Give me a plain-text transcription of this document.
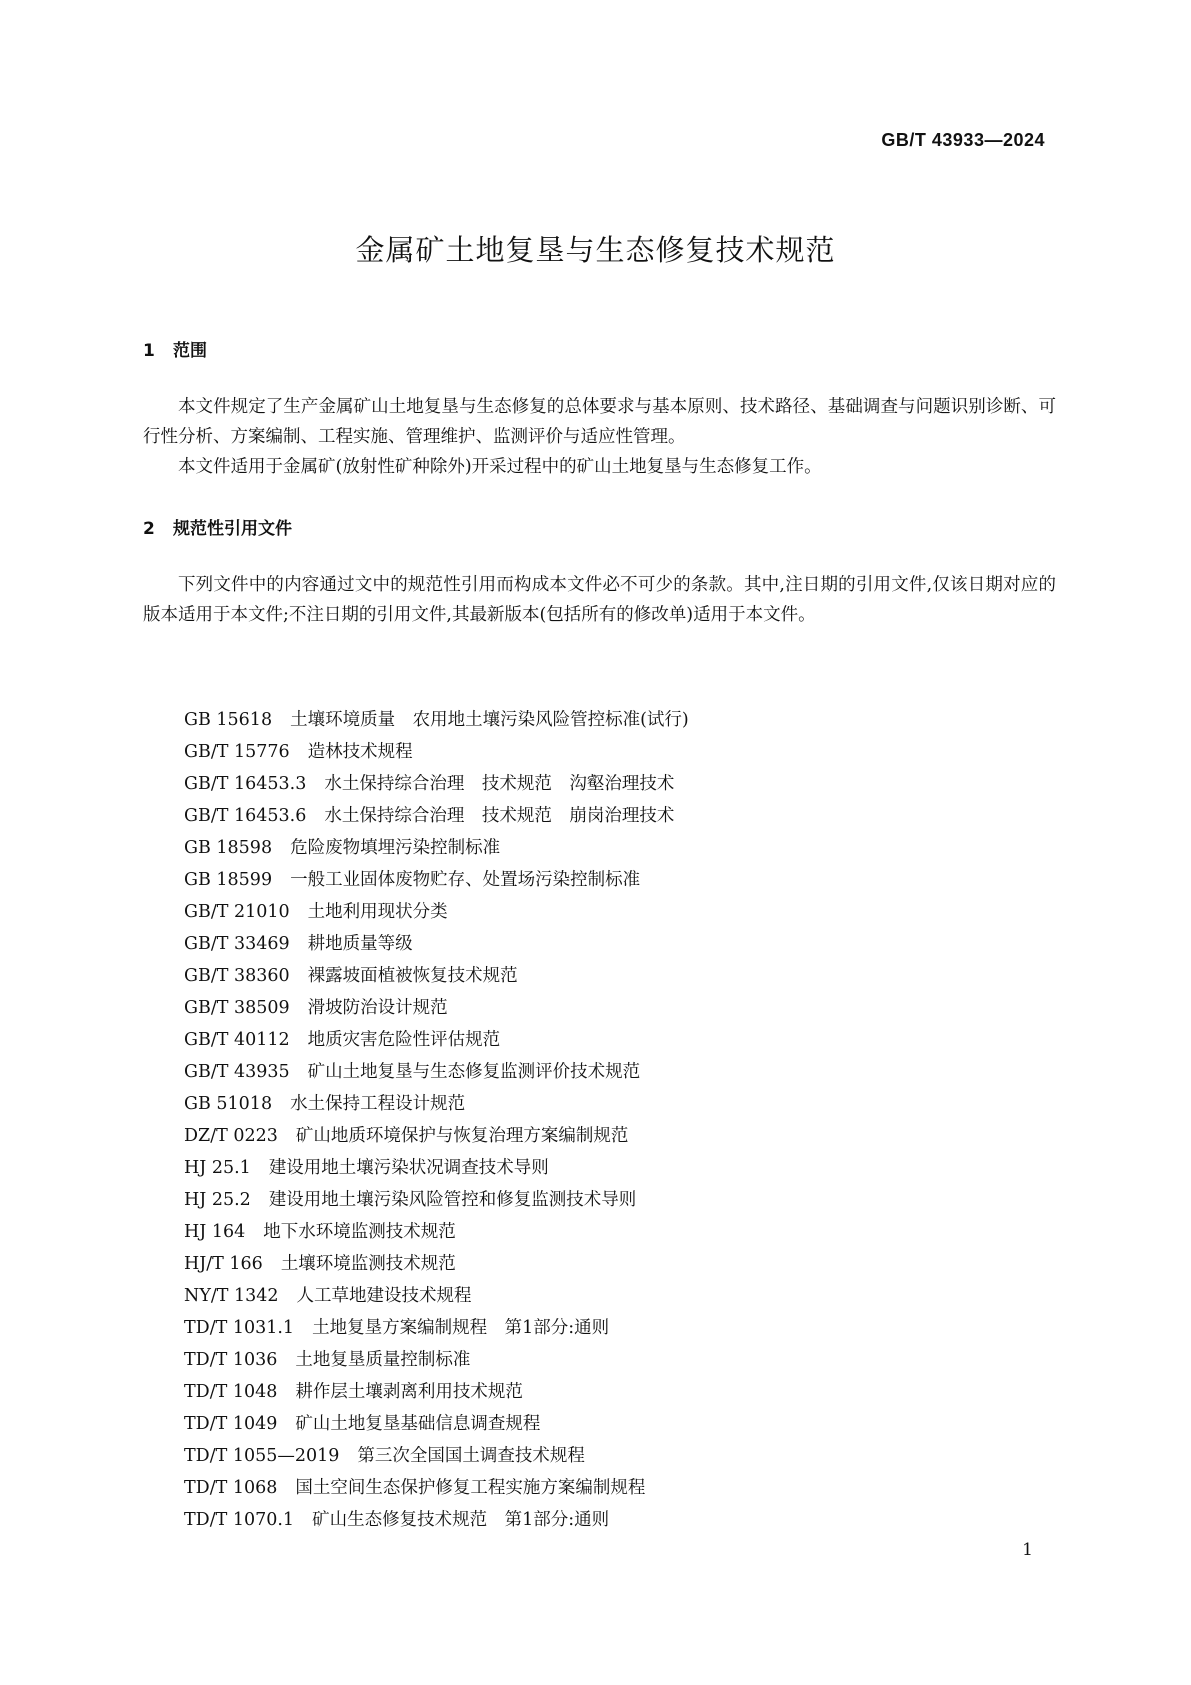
GB/T 43933—2024
金属矿土地复垦与生态修复技术规范
1 范围

本文件规定了生产金属矿山土地复垦与生态修复的总体要求与基本原则、技术路径、基础调查与问题识别诊断、可行性分析、方案编制、工程实施、管理维护、监测评价与适应性管理。

本文件适用于金属矿(放射性矿种除外)开采过程中的矿山土地复垦与生态修复工作。

2 规范性引用文件

下列文件中的内容通过文中的规范性引用而构成本文件必不可少的条款。其中,注日期的引用文件,仅该日期对应的版本适用于本文件;不注日期的引用文件,其最新版本(包括所有的修改单)适用于本文件。

GB 15618 土壤环境质量　农用地土壤污染风险管控标准(试行)
GB/T 15776 造林技术规程
GB/T 16453.3 水土保持综合治理　技术规范　沟壑治理技术
GB/T 16453.6 水土保持综合治理　技术规范　崩岗治理技术
GB 18598 危险废物填埋污染控制标准
GB 18599 一般工业固体废物贮存、处置场污染控制标准
GB/T 21010 土地利用现状分类
GB/T 33469 耕地质量等级
GB/T 38360 裸露坡面植被恢复技术规范
GB/T 38509 滑坡防治设计规范
GB/T 40112 地质灾害危险性评估规范
GB/T 43935 矿山土地复垦与生态修复监测评价技术规范
GB 51018 水土保持工程设计规范
DZ/T 0223 矿山地质环境保护与恢复治理方案编制规范
HJ 25.1 建设用地土壤污染状况调查技术导则
HJ 25.2 建设用地土壤污染风险管控和修复监测技术导则
HJ 164 地下水环境监测技术规范
HJ/T 166 土壤环境监测技术规范
NY/T 1342 人工草地建设技术规程
TD/T 1031.1 土地复垦方案编制规程　第1部分:通则
TD/T 1036 土地复垦质量控制标准
TD/T 1048 耕作层土壤剥离利用技术规范
TD/T 1049 矿山土地复垦基础信息调查规程
TD/T 1055—2019 第三次全国国土调查技术规程
TD/T 1068 国土空间生态保护修复工程实施方案编制规程
TD/T 1070.1 矿山生态修复技术规范　第1部分:通则
1
